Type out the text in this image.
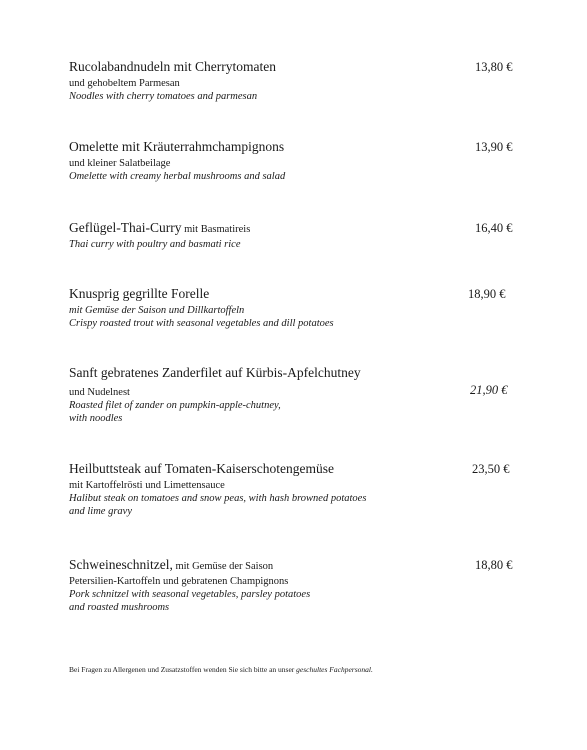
Rucolabandnudeln mit Cherrytomaten

und gehobeltem Parmesan

Noodles with cherry tomatoes and parmesan

13,80 €

Omelette mit Kräuterrahmchampignons

und kleiner Salatbeilage

Omelette with creamy herbal mushrooms and salad

13,90 €

Geflügel-Thai-Curry mit Basmatireis

Thai curry with poultry and basmati rice

16,40 €

Knusprig gegrillte Forelle

mit Gemüse der Saison und Dillkartoffeln

Crispy roasted trout with seasonal vegetables and dill potatoes

18,90 €

Sanft gebratenes Zanderfilet auf Kürbis-Apfelchutney

und Nudelnest

Roasted filet of zander on pumpkin-apple-chutney,

with noodles

21,90 €

Heilbuttsteak auf Tomaten-Kaiserschotengemüse

mit Kartoffelrösti und Limettensauce

Halibut steak on tomatoes and snow peas, with hash browned potatoes

and lime gravy

23,50 €

Schweineschnitzel, mit Gemüse der Saison

Petersilien-Kartoffeln und gebratenen Champignons

Pork schnitzel with seasonal vegetables, parsley potatoes

and roasted mushrooms

18,80 €
Bei Fragen zu Allergenen und Zusatzstoffen wenden Sie sich bitte an unser geschultes Fachpersonal.
